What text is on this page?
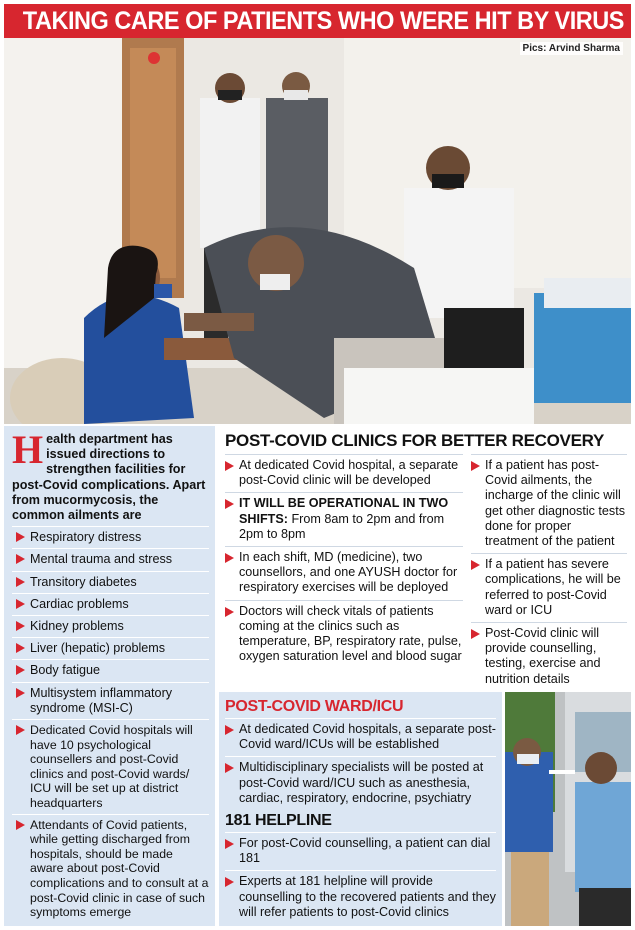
TAKING CARE OF PATIENTS WHO WERE HIT BY VIRUS
Pics: Arvind Sharma
Health department has issued directions to strengthen facilities for post-Covid complications. Apart from mucormycosis, the common ailments are
Respiratory distress
Mental trauma and stress
Transitory diabetes
Cardiac problems
Kidney problems
Liver (hepatic) problems
Body fatigue
Multisystem inflammatory syndrome (MSI-C)
Dedicated Covid hospitals will have 10 psychological counsellers and post-Covid clinics and post-Covid wards/ ICU will be set up at district headquarters
Attendants of Covid patients, while getting discharged from hospitals, should be made aware about post-Covid complications and to consult at a post-Covid clinic in case of such symptoms emerge
POST-COVID CLINICS FOR BETTER RECOVERY

At dedicated Covid hospital, a separate post-Covid clinic will be developed

IT WILL BE OPERATIONAL IN TWO SHIFTS: From 8am to 2pm and from 2pm to 8pm

In each shift, MD (medicine), two counsellors, and one AYUSH doctor for respiratory exercises will be deployed

Doctors will check vitals of patients coming at the clinics such as temperature, BP, respiratory rate, pulse, oxygen saturation level and blood sugar

If a patient has post-Covid ailments, the incharge of the clinic will get other diagnostic tests done for proper treatment of the patient

If a patient has severe complications, he will be referred to post-Covid ward or ICU

Post-Covid clinic will provide counselling, testing, exercise and nutrition details

POST-COVID WARD/ICU

At dedicated Covid hospitals, a separate post-Covid ward/ICUs will be established

Multidisciplinary specialists will be posted at post-Covid ward/ICU such as anesthesia, cardiac, respiratory, endocrine, psychiatry

181 HELPLINE

For post-Covid counselling, a patient can dial 181

Experts at 181 helpline will provide counselling to the recovered patients and they will refer patients to post-Covid clinics
